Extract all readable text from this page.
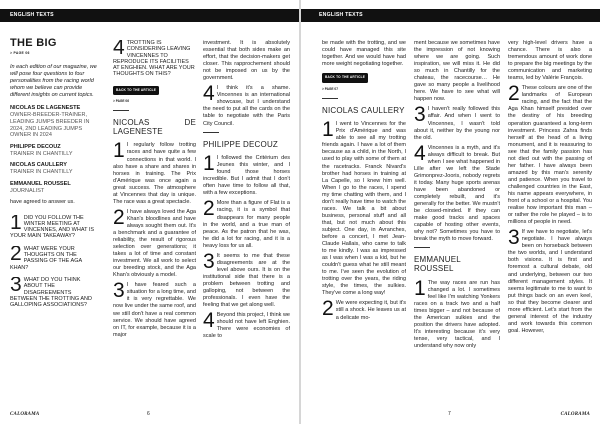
ENGLISH TEXTS
THE BIG
> PAGE 06
In each edition of our magazine, we will pose four questions to four personalities from the racing world whom we believe can provide different insights on current topics.
NICOLAS DE LAGENESTE
OWNER-BREEDER-TRAINER, LEADING JUMPS BREEDER IN 2024, 2ND LEADING JUMPS OWNER IN 2024
PHILIPPE DECOUZ
TRAINER IN CHANTILLY
NICOLAS CAULLERY
TRAINER IN CHANTILLY
EMMANUEL ROUSSEL
JOURNALIST
have agreed to answer us.
1 DID YOU FOLLOW THE WINTER MEETING AT VINCENNES, AND WHAT IS YOUR MAIN TAKEAWAY?
2 WHAT WERE YOUR THOUGHTS ON THE PASSING OF THE AGA KHAN?
3 WHAT DO YOU THINK ABOUT THE DISAGREEMENTS BETWEEN THE TROTTING AND GALLOPING ASSOCIATIONS?
4 TROTTING IS CONSIDERING LEAVING VINCENNES TO REPRODUCE ITS FACILITIES AT ENGHIEN. WHAT ARE YOUR THOUGHTS ON THIS?
BACK TO THE ARTICLE
> PAGE 06
NICOLAS DE LAGENESTE

1 I regularly follow trotting races and have quite a few connections in that world. I also have a share and shares in horses in training. The Prix d'Amérique was once again a great success. The atmosphere at Vincennes that day is unique. The race was a great spectacle.

2 I have always loved the Aga Khan's bloodlines and have always sought them out. It's a benchmark and a guarantee of reliability, the result of rigorous selection over generations; it takes a lot of time and constant investment. We all work to select our breeding stock, and the Aga Khan's obviously a model.

3 I have feared such a situation for a long time, and it is very regrettable. We now live under the same roof, and we still don't have a real common service. We should have agreed on IT, for example, because it is a major

investment. It is absolutely essential that both sides make an effort, that the decision-makers get closer. This rapprochement should not be imposed on us by the government.

4 I think it's a shame. Vincennes is an international showcase, but I understand the need to put all the cards on the table to negotiate with the Paris City Council.

PHILIPPE DECOUZ

1 I followed the Critérium des Jeunes this winter, and I found those horses incredible. But I admit that I don't often have time to follow all that, with a few exceptions.

2 More than a figure of Flat is a racing, it is a symbol that disappears for many people in the world, and a true man of peace. As the patron that he was, he did a lot for racing, and it is a heavy loss for us all.

3 It seems to me that these disagreements are at the level above ours. It is on the institutional side that there is a problem between trotting and galloping, not between the professionals. I even have the feeling that we get along well.

4 Beyond this project, I think we should not have left Enghien. There were economies of scale to

CALORAMA	6
ENGLISH TEXTS

be made with the trotting, and we could have managed this site together. And we would have had more weight negotiating together.

BACK TO THE ARTICLE
> PAGE 07
NICOLAS CAULLERY

1 I went to Vincennes for the Prix d'Amérique and was able to see all my trotting friends again. I have a lot of them because as a child, in the North, I used to play with some of them at the racetracks. Franck Nivard's brother had horses in training at La Capelle, so I knew him well. When I go to the races, I spend my time chatting with them, and I don't really have time to watch the races. We talk a bit about business, personal stuff and all that, but not much about this subject. One day, in Avranches, before a concert, I met Jean-Claude Hallais, who came to talk to me kindly. I was as impressed as I was when I was a kid, but he couldn't guess what he still meant to me. I've seen the evolution of trotting over the years, the riding style, the times, the sulkies. They've come a long way!

2 We were expecting it, but it's still a shock. He leaves us at a delicate mo-

ment because we sometimes have the impression of not knowing where we are going. Such inspiration, we will miss it. He did so much in Chantilly for the chateau, the racecourse… He gave so many people a livelihood here. We have to see what will happen now.

3 I haven't really followed this affair. And when I went to Vincennes, I wasn't told about it, neither by the young nor the old.

4 Vincennes is a myth, and it's always difficult to break. But when I see what happened in Lille after we left the Stade Grimonprez-Jooris, nobody regrets it today. Many huge sports arenas have been abandoned or completely rebuilt, and it's generally for the better. We mustn't be closed-minded. If they can make good tracks and spaces capable of hosting other events, why not? Sometimes you have to break the myth to move forward.

EMMANUEL ROUSSEL

1 The way races are run has changed a lot. I sometimes feel like I'm watching Yonkers races on a track two and a half times bigger – and not because of the American sulkies and the position the drivers have adopted. It's interesting because it's very tense, very tactical, and I understand why now only

very high-level drivers have a chance. There is also a tremendous amount of work done to prepare the big meetings by the communication and marketing teams, led by Valérie François.

2 These colours are one of the landmarks of European racing, and the fact that the Aga Khan himself presided over the destiny of his breeding operation guaranteed a long-term investment. Princess Zahra finds herself at the head of a living monument, and it is reassuring to see that the family passion has not died out with the passing of her father. I have always been amazed by this man's serenity and patience. When you travel to challenged countries in the East, his name appears everywhere, in front of a school or a hospital. You realise how important this man – or rather the role he played – is to millions of people in need.

3 If we have to negotiate, let's negotiate. I have always been on horseback between the two worlds, and I understand both visions. It is first and foremost a cultural debate, old and underlying, between our two different management styles. It seems legitimate to me to want to put things back on an even keel, so that they become clearer and more efficient. Let's start from the general interest of the industry and work towards this common goal. However,

7	CALORAMA
